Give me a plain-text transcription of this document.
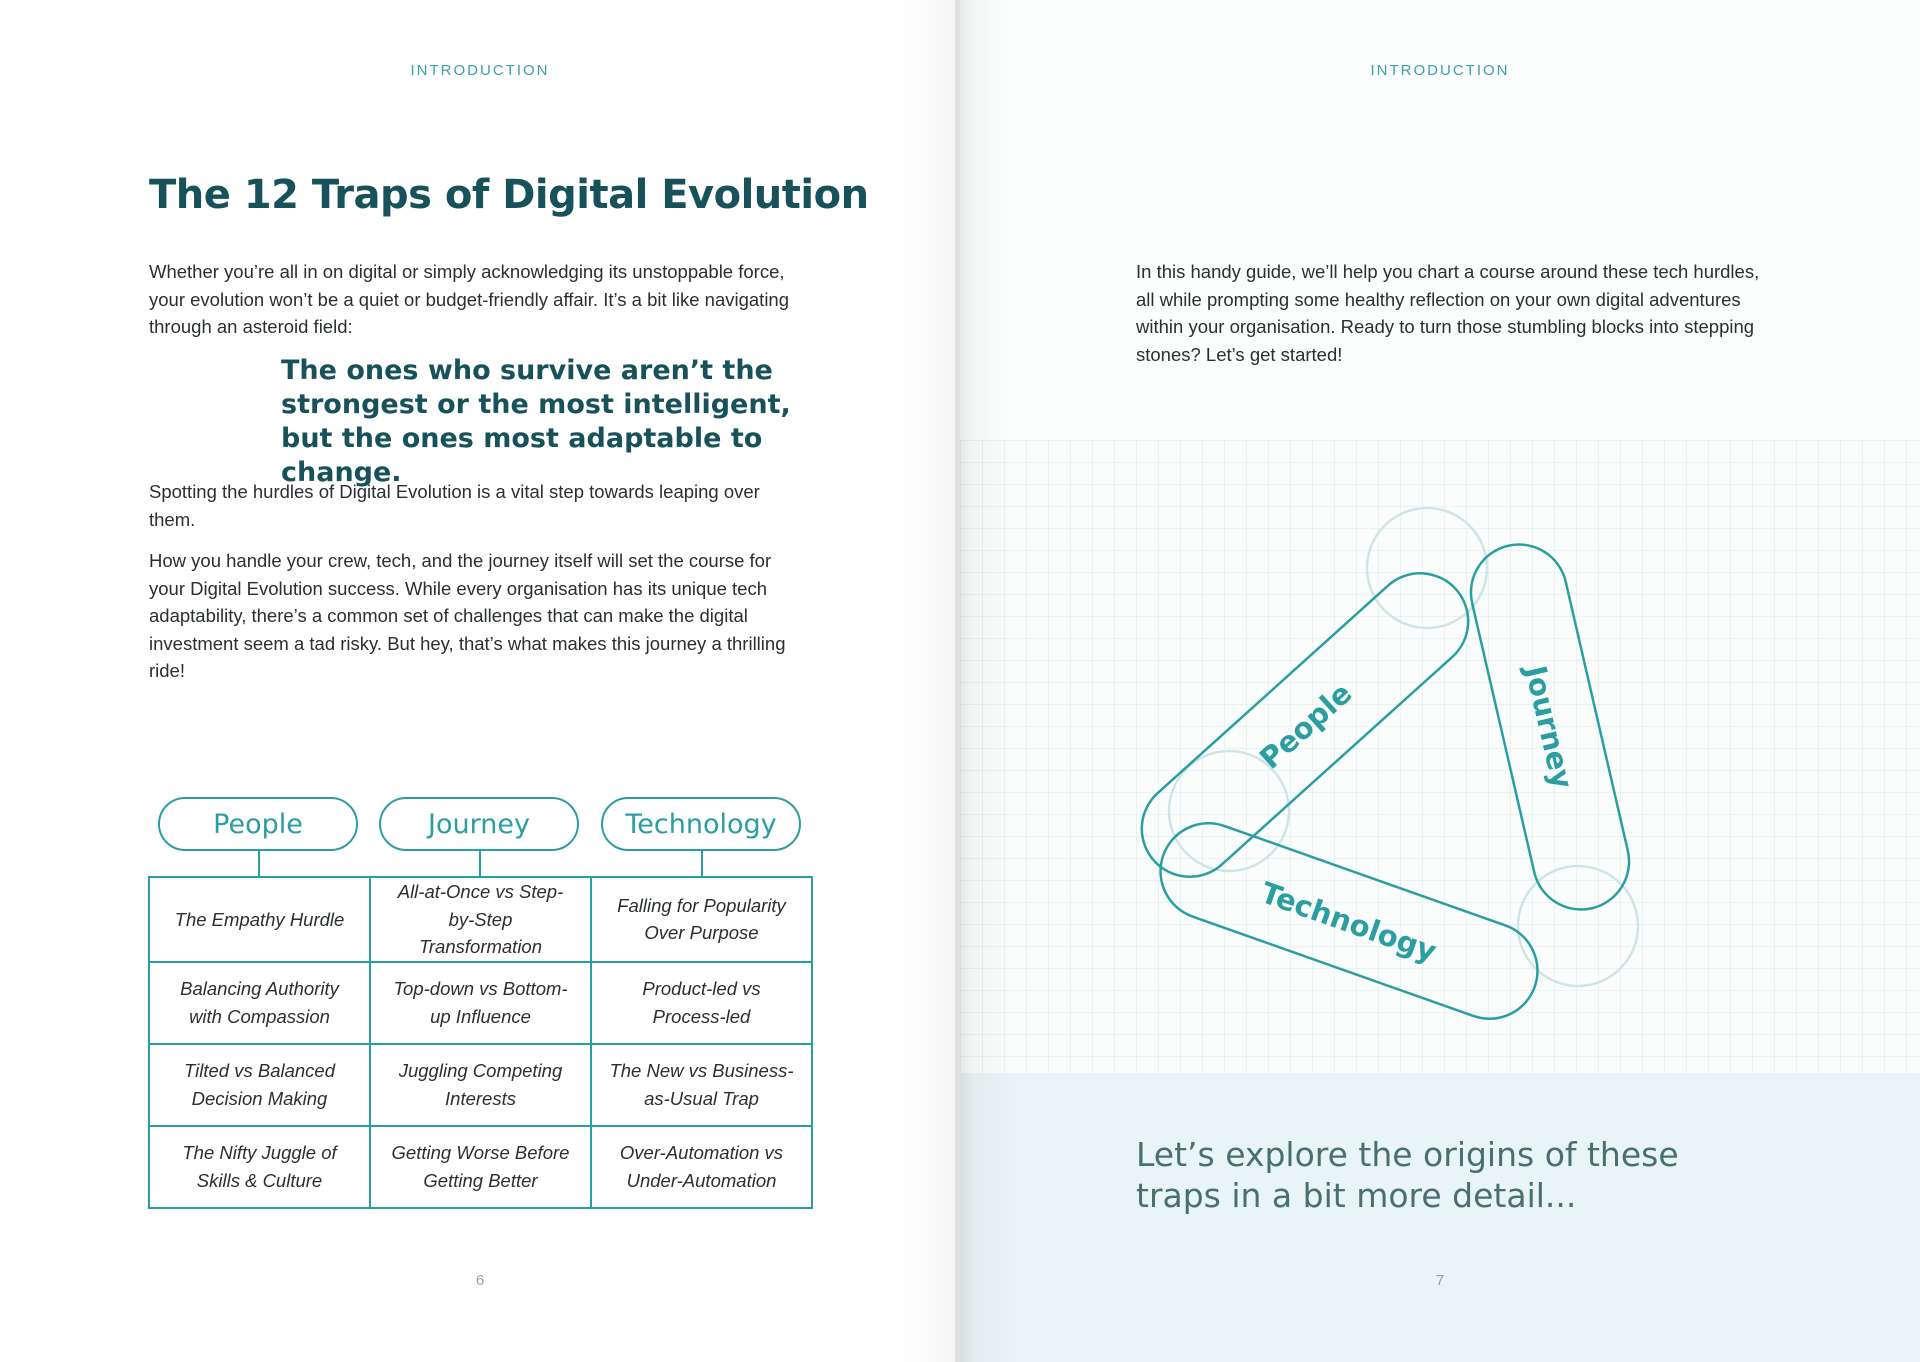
INTRODUCTION
The 12 Traps of Digital Evolution

Whether you’re all in on digital or simply acknowledging its unstoppable force, your evolution won’t be a quiet or budget-friendly affair. It’s a bit like navigating through an asteroid field:

The ones who survive aren’t the strongest or the most intelligent, but the ones most adaptable to change.

Spotting the hurdles of Digital Evolution is a vital step towards leaping over them.

How you handle your crew, tech, and the journey itself will set the course for your Digital Evolution success. While every organisation has its unique tech adaptability, there’s a common set of challenges that can make the digital investment seem a tad risky. But hey, that’s what makes this journey a thrilling ride!

People	Journey	Technology
The Empathy Hurdle	All-at-Once vs Step-by-Step Transformation	Falling for Popularity Over Purpose
Balancing Authority with Compassion	Top-down vs Bottom-up Influence	Product-led vs Process-led
Tilted vs Balanced Decision Making	Juggling Competing Interests	The New vs Business-as-Usual Trap
The Nifty Juggle of Skills & Culture	Getting Worse Before Getting Better	Over-Automation vs Under-Automation
6
INTRODUCTION

In this handy guide, we’ll help you chart a course around these tech hurdles, all while prompting some healthy reflection on your own digital adventures within your organisation. Ready to turn those stumbling blocks into stepping stones? Let’s get started!

People	Journey
Technology

Let’s explore the origins of these traps in a bit more detail...

7
